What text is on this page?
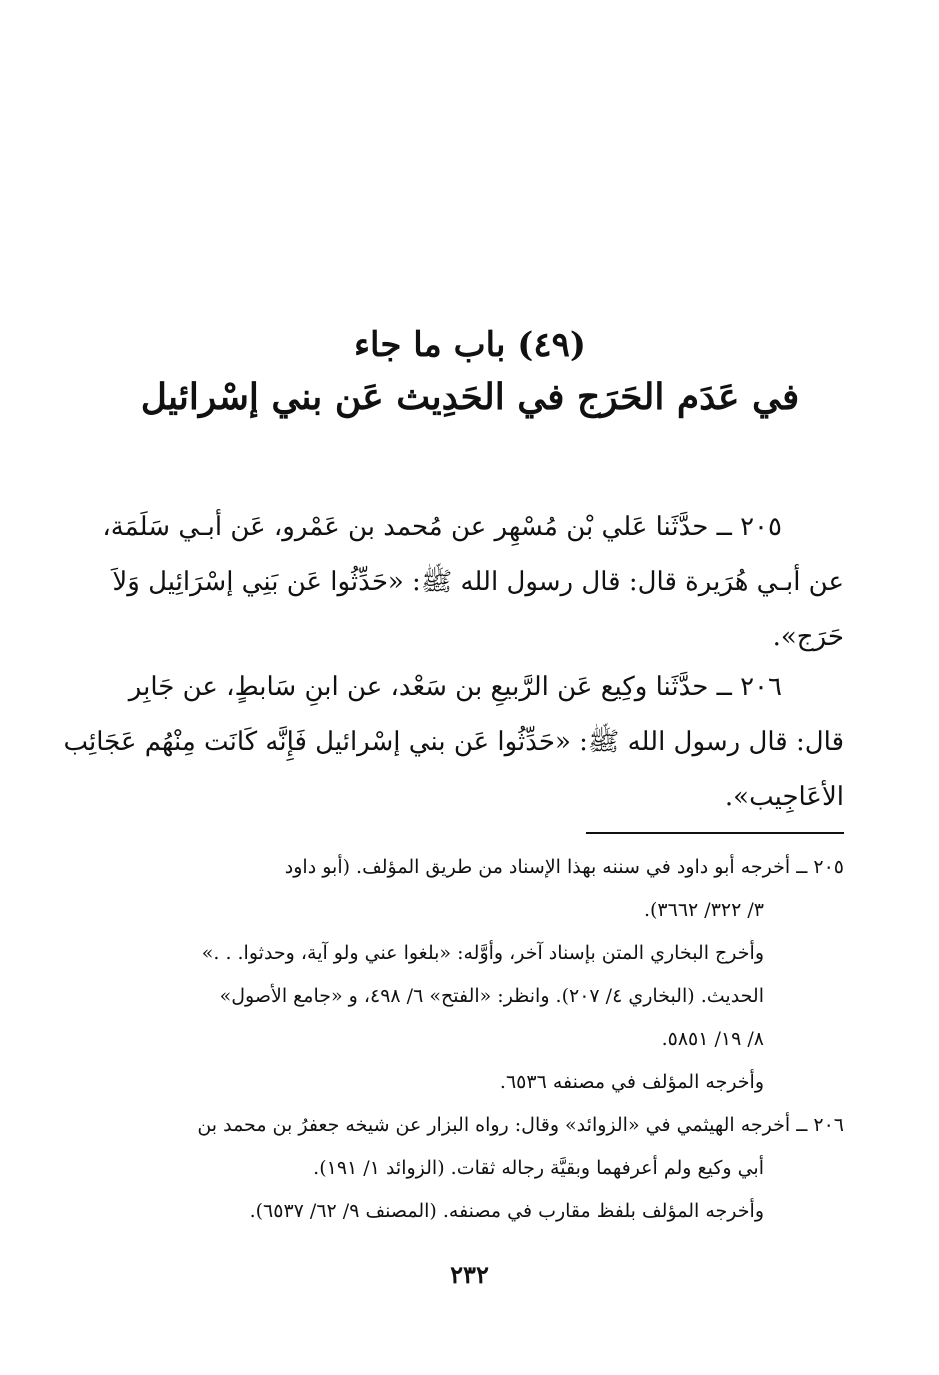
(٤٩) باب ما جاء
في عَدَم الحَرَج في الحَدِيث عَن بني إسْرائيل
٢٠٥ ــ حدَّثَنا عَلي بْن مُسْهِر عن مُحمد بن عَمْرو، عَن أبـي سَلَمَة،
عن أبـي هُرَيرة قال: قال رسول الله ﷺ: «حَدِّثُوا عَن بَنِي إسْرَائِيل وَلاَ
حَرَج».
٢٠٦ ــ حدَّثَنا وكِيع عَن الرَّبيعِ بن سَعْد، عن ابنِ سَابطٍ، عن جَابِر
قال: قال رسول الله ﷺ: «حَدِّثُوا عَن بني إسْرائيل فَإِنَّه كَانَت مِنْهُم عَجَائِب
الأعَاجِيب».
٢٠٥ ــ أخرجه أبو داود في سننه بهذا الإسناد من طريق المؤلف. (أبو داود
٣/ ٣٢٢/ ٣٦٦٢).
وأخرج البخاري المتن بإسناد آخر، وأوَّله: «بلغوا عني ولو آية، وحدثوا. . .»
الحديث. (البخاري ٤/ ٢٠٧). وانظر: «الفتح» ٦/ ٤٩٨، و «جامع الأصول»
٨/ ١٩/ ٥٨٥١.
وأخرجه المؤلف في مصنفه ٦٥٣٦.
٢٠٦ ــ أخرجه الهيثمي في «الزوائد» وقال: رواه البزار عن شيخه جعفرُ بن محمد بن
أبي وكيع ولم أعرفهما وبقيَّة رجاله ثقات. (الزوائد ١/ ١٩١).
وأخرجه المؤلف بلفظ مقارب في مصنفه. (المصنف ٩/ ٦٢/ ٦٥٣٧).
٢٣٢
